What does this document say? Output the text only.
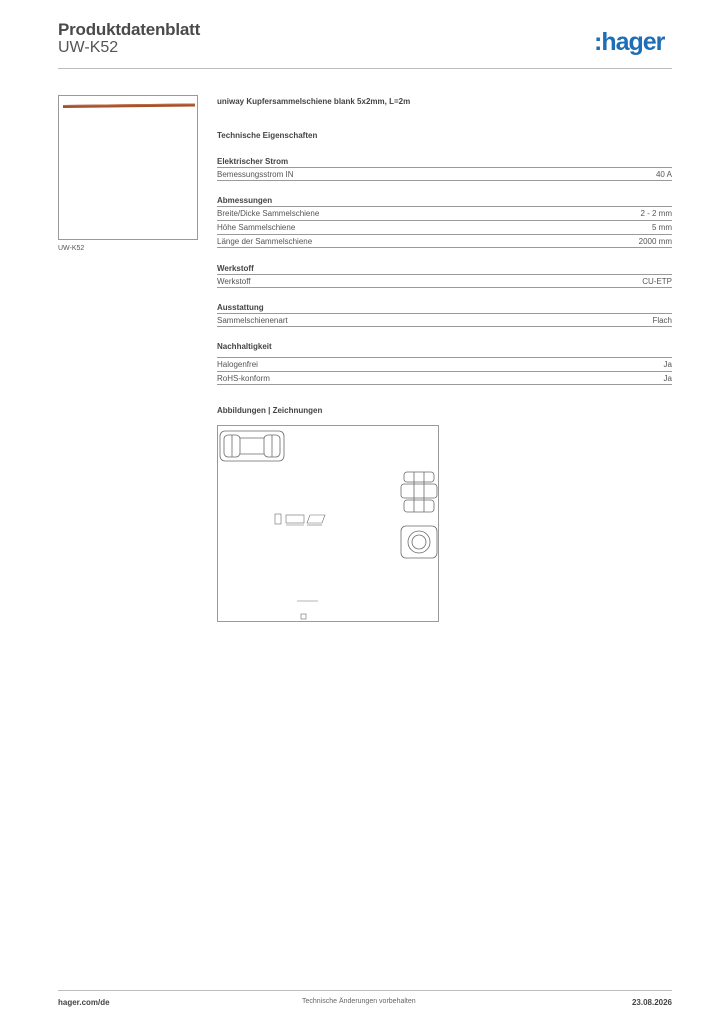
Produktdatenblatt
UW-K52	:hager
UW-K52
uniway Kupfersammelschiene blank 5x2mm, L=2m
Technische Eigenschaften
Elektrischer Strom
Bemessungsstrom IN	40 A
Abmessungen
Breite/Dicke Sammelschiene	2 - 2 mm
Höhe Sammelschiene	5 mm
Länge der Sammelschiene	2000 mm
Werkstoff
Werkstoff	CU-ETP
Ausstattung
Sammelschienenart	Flach
Nachhaltigkeit
Halogenfrei	Ja
RoHS-konform	Ja
Abbildungen | Zeichnungen
hager.com/de	Technische Änderungen vorbehalten	23.08.2026
